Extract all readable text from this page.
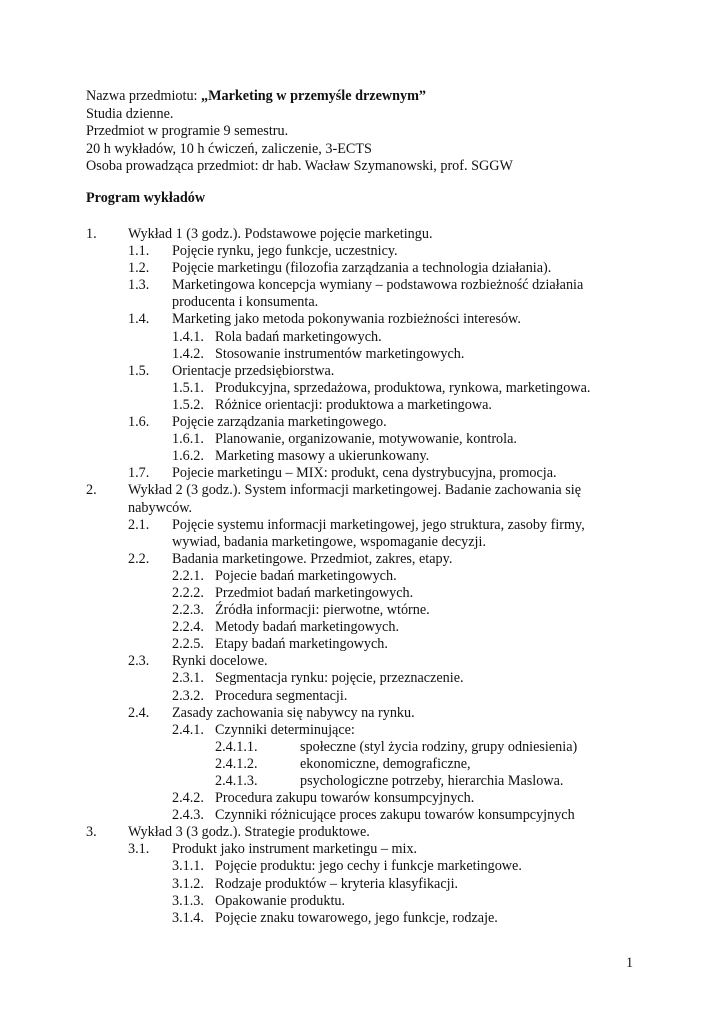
Nazwa przedmiotu: „Marketing w przemyśle drzewnym”
Studia dzienne.
Przedmiot w programie 9 semestru.
20 h wykładów, 10 h ćwiczeń, zaliczenie, 3-ECTS
Osoba prowadząca przedmiot: dr hab. Wacław Szymanowski, prof. SGGW
Program wykładów
1. Wykład 1 (3 godz.). Podstawowe pojęcie marketingu.
1.1. Pojęcie rynku, jego funkcje, uczestnicy.
1.2. Pojęcie marketingu (filozofia zarządzania a technologia działania).
1.3. Marketingowa koncepcja wymiany – podstawowa rozbieżność działania
producenta i konsumenta.
1.4. Marketing jako metoda pokonywania rozbieżności interesów.
1.4.1. Rola badań marketingowych.
1.4.2. Stosowanie instrumentów marketingowych.
1.5. Orientacje przedsiębiorstwa.
1.5.1. Produkcyjna, sprzedażowa, produktowa, rynkowa, marketingowa.
1.5.2. Różnice orientacji: produktowa a marketingowa.
1.6. Pojęcie zarządzania marketingowego.
1.6.1. Planowanie, organizowanie, motywowanie, kontrola.
1.6.2. Marketing masowy a ukierunkowany.
1.7. Pojecie marketingu – MIX: produkt, cena dystrybucyjna, promocja.
2. Wykład 2 (3 godz.). System informacji marketingowej. Badanie zachowania się
nabywców.
2.1. Pojęcie systemu informacji marketingowej, jego struktura, zasoby firmy,
wywiad, badania marketingowe, wspomaganie decyzji.
2.2. Badania marketingowe. Przedmiot, zakres, etapy.
2.2.1. Pojecie badań marketingowych.
2.2.2. Przedmiot badań marketingowych.
2.2.3. Źródła informacji: pierwotne, wtórne.
2.2.4. Metody badań marketingowych.
2.2.5. Etapy badań marketingowych.
2.3. Rynki docelowe.
2.3.1. Segmentacja rynku: pojęcie, przeznaczenie.
2.3.2. Procedura segmentacji.
2.4. Zasady zachowania się nabywcy na rynku.
2.4.1. Czynniki determinujące:
2.4.1.1.	społeczne (styl życia rodziny, grupy odniesienia)
2.4.1.2.	ekonomiczne, demograficzne,
2.4.1.3.	psychologiczne potrzeby, hierarchia Maslowa.
2.4.2. Procedura zakupu towarów konsumpcyjnych.
2.4.3. Czynniki różnicujące proces zakupu towarów konsumpcyjnych
3. Wykład 3 (3 godz.). Strategie produktowe.
3.1. Produkt jako instrument marketingu – mix.
3.1.1. Pojęcie produktu: jego cechy i funkcje marketingowe.
3.1.2. Rodzaje produktów – kryteria klasyfikacji.
3.1.3. Opakowanie produktu.
3.1.4. Pojęcie znaku towarowego, jego funkcje, rodzaje.
1
